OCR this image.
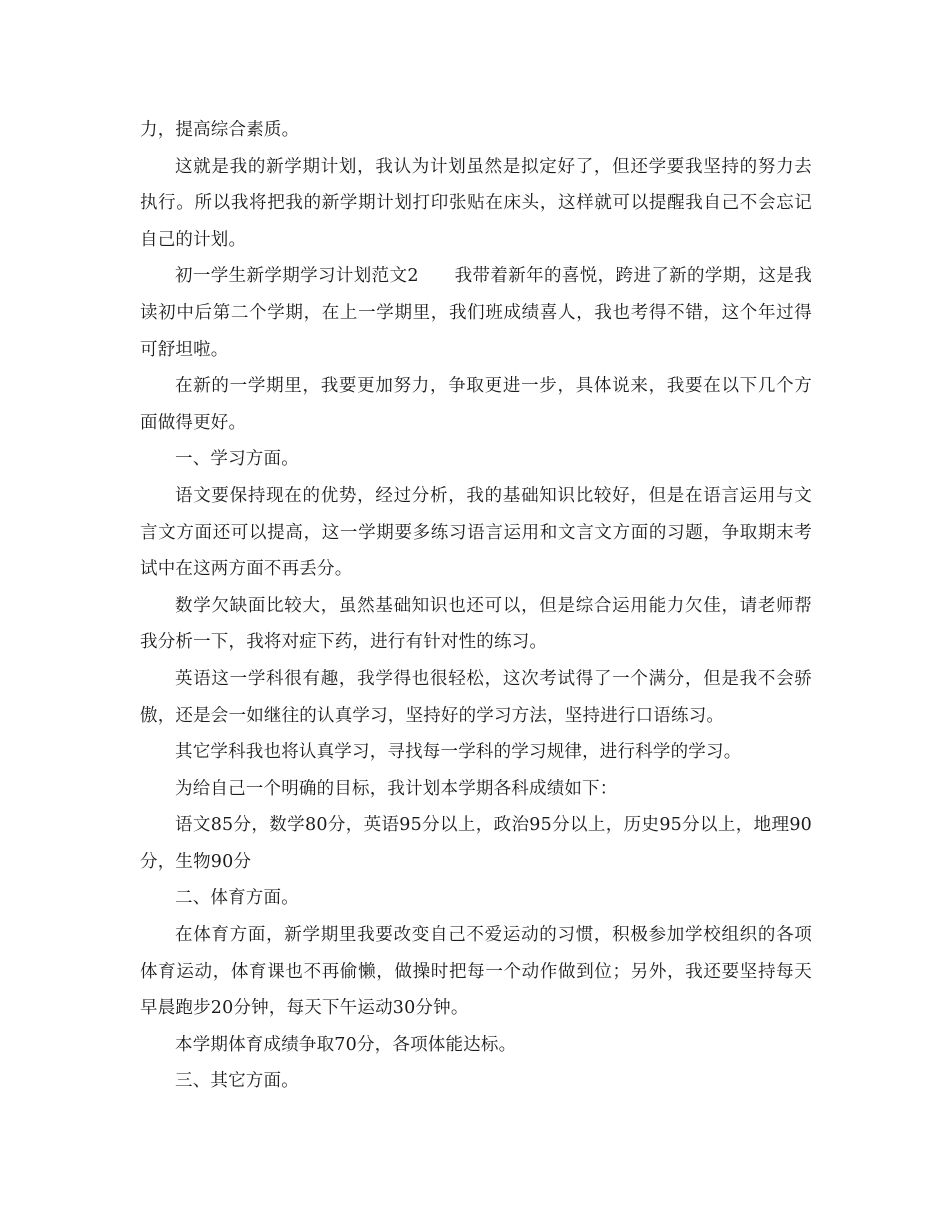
力，提高综合素质。

这就是我的新学期计划，我认为计划虽然是拟定好了，但还学要我坚持的努力去执行。所以我将把我的新学期计划打印张贴在床头，这样就可以提醒我自己不会忘记自己的计划。

初一学生新学期学习计划范文2　　我带着新年的喜悦，跨进了新的学期，这是我读初中后第二个学期，在上一学期里，我们班成绩喜人，我也考得不错，这个年过得可舒坦啦。

在新的一学期里，我要更加努力，争取更进一步，具体说来，我要在以下几个方面做得更好。

一、学习方面。

语文要保持现在的优势，经过分析，我的基础知识比较好，但是在语言运用与文言文方面还可以提高，这一学期要多练习语言运用和文言文方面的习题，争取期末考试中在这两方面不再丢分。

数学欠缺面比较大，虽然基础知识也还可以，但是综合运用能力欠佳，请老师帮我分析一下，我将对症下药，进行有针对性的练习。

英语这一学科很有趣，我学得也很轻松，这次考试得了一个满分，但是我不会骄傲，还是会一如继往的认真学习，坚持好的学习方法，坚持进行口语练习。

其它学科我也将认真学习，寻找每一学科的学习规律，进行科学的学习。

为给自己一个明确的目标，我计划本学期各科成绩如下：

语文85分，数学80分，英语95分以上，政治95分以上，历史95分以上，地理90分，生物90分

二、体育方面。

在体育方面，新学期里我要改变自己不爱运动的习惯，积极参加学校组织的各项体育运动，体育课也不再偷懒，做操时把每一个动作做到位；另外，我还要坚持每天早晨跑步20分钟，每天下午运动30分钟。

本学期体育成绩争取70分，各项体能达标。

三、其它方面。
